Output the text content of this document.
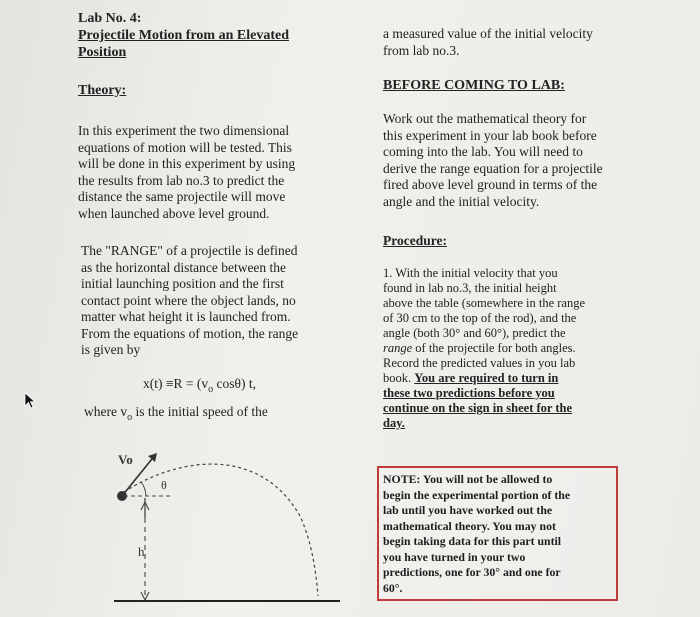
Lab No. 4:
Projectile Motion from an Elevated
Position
Theory:
In this experiment the two dimensional
equations of motion will be tested. This
will be done in this experiment by using
the results from lab no.3 to predict the
distance the same projectile will move
when launched above level ground.
The "RANGE" of a projectile is defined
as the horizontal distance between the
initial launching position and the first
contact point where the object lands, no
matter what height it is launched from.
From the equations of motion, the range
is given by
$x(t) \equiv R = (v_o$ cosθ) t,
where $v_o$ is the initial speed of the
Vo
θ
h
a measured value of the initial velocity
from lab no.3.
BEFORE COMING TO LAB:
Work out the mathematical theory for
this experiment in your lab book before
coming into the lab. You will need to
derive the range equation for a projectile
fired above level ground in terms of the
angle and the initial velocity.
Procedure:
1. With the initial velocity that you
found in lab no.3, the initial height
above the table (somewhere in the range
of 30 cm to the top of the rod), and the
angle (both 30° and 60°), predict the
range of the projectile for both angles.
Record the predicted values in you lab
book. You are required to turn in
these two predictions before you
continue on the sign in sheet for the
day.
NOTE: You will not be allowed to
begin the experimental portion of the
lab until you have worked out the
mathematical theory. You may not
begin taking data for this part until
you have turned in your two
predictions, one for 30° and one for
60°.
